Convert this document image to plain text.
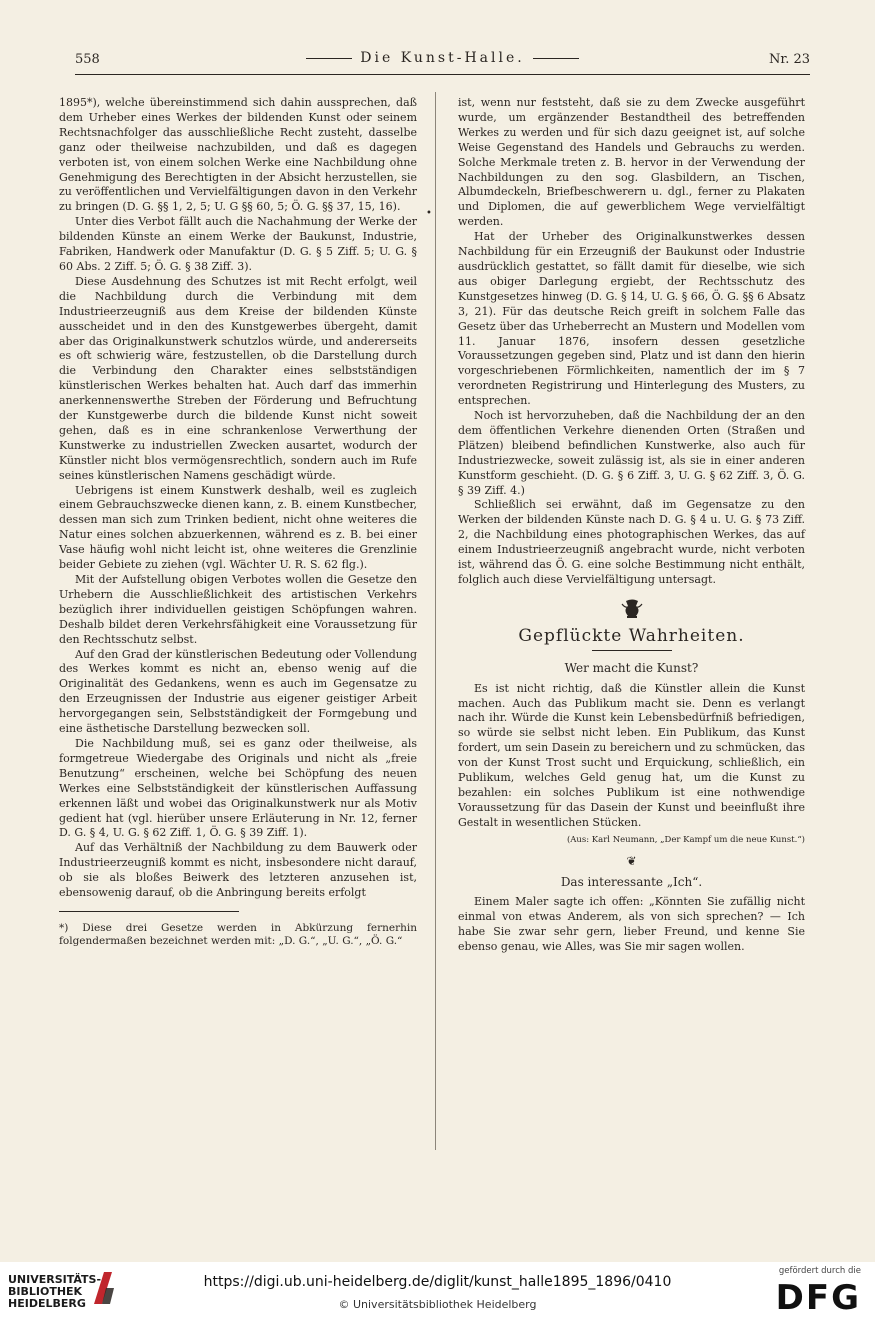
558	Die Kunst-Halle.	Nr. 23
•

1895*), welche übereinstimmend sich dahin aussprechen, daß dem Urheber eines Werkes der bildenden Kunst oder seinem Rechtsnachfolger das ausschließliche Recht zusteht, dasselbe ganz oder theilweise nachzubilden, und daß es dagegen verboten ist, von einem solchen Werke eine Nachbildung ohne Genehmigung des Berechtigten in der Absicht herzustellen, sie zu veröffentlichen und Vervielfältigungen davon in den Verkehr zu bringen (D. G. §§ 1, 2, 5; U. G §§ 60, 5; Ö. G. §§ 37, 15, 16).

Unter dies Verbot fällt auch die Nachahmung der Werke der bildenden Künste an einem Werke der Baukunst, Industrie, Fabriken, Handwerk oder Manufaktur (D. G. § 5 Ziff. 5; U. G. § 60 Abs. 2 Ziff. 5; Ö. G. § 38 Ziff. 3).

Diese Ausdehnung des Schutzes ist mit Recht erfolgt, weil die Nachbildung durch die Verbindung mit dem Industrieerzeugniß aus dem Kreise der bildenden Künste ausscheidet und in den des Kunstgewerbes übergeht, damit aber das Originalkunstwerk schutzlos würde, und andererseits es oft schwierig wäre, festzustellen, ob die Darstellung durch die Verbindung den Charakter eines selbstständigen künstlerischen Werkes behalten hat. Auch darf das immerhin anerkennenswerthe Streben der Förderung und Befruchtung der Kunstgewerbe durch die bildende Kunst nicht soweit gehen, daß es in eine schrankenlose Verwerthung der Kunstwerke zu industriellen Zwecken ausartet, wodurch der Künstler nicht blos vermögensrechtlich, sondern auch im Rufe seines künstlerischen Namens geschädigt würde.

Uebrigens ist einem Kunstwerk deshalb, weil es zugleich einem Gebrauchszwecke dienen kann, z. B. einem Kunstbecher, dessen man sich zum Trinken bedient, nicht ohne weiteres die Natur eines solchen abzuerkennen, während es z. B. bei einer Vase häufig wohl nicht leicht ist, ohne weiteres die Grenzlinie beider Gebiete zu ziehen (vgl. Wächter U. R. S. 62 flg.).

Mit der Aufstellung obigen Verbotes wollen die Gesetze den Urhebern die Ausschließlichkeit des artistischen Verkehrs bezüglich ihrer individuellen geistigen Schöpfungen wahren. Deshalb bildet deren Verkehrsfähigkeit eine Voraussetzung für den Rechtsschutz selbst.

Auf den Grad der künstlerischen Bedeutung oder Vollendung des Werkes kommt es nicht an, ebenso wenig auf die Originalität des Gedankens, wenn es auch im Gegensatze zu den Erzeugnissen der Industrie aus eigener geistiger Arbeit hervorgegangen sein, Selbstständigkeit der Formgebung und eine ästhetische Darstellung bezwecken soll.

Die Nachbildung muß, sei es ganz oder theilweise, als formgetreue Wiedergabe des Originals und nicht als „freie Benutzung“ erscheinen, welche bei Schöpfung des neuen Werkes eine Selbstständigkeit der künstlerischen Auffassung erkennen läßt und wobei das Originalkunstwerk nur als Motiv gedient hat (vgl. hierüber unsere Erläuterung in Nr. 12, ferner D. G. § 4, U. G. § 62 Ziff. 1, Ö. G. § 39 Ziff. 1).

Auf das Verhältniß der Nachbildung zu dem Bauwerk oder Industrieerzeugniß kommt es nicht, insbesondere nicht darauf, ob sie als bloßes Beiwerk des letzteren anzusehen ist, ebensowenig darauf, ob die Anbringung bereits erfolgt

*) Diese drei Gesetze werden in Abkürzung fernerhin folgendermaßen bezeichnet werden mit: „D. G.“, „U. G.“, „Ö. G.“

ist, wenn nur feststeht, daß sie zu dem Zwecke ausgeführt wurde, um ergänzender Bestandtheil des betreffenden Werkes zu werden und für sich dazu geeignet ist, auf solche Weise Gegenstand des Handels und Gebrauchs zu werden. Solche Merkmale treten z. B. hervor in der Verwendung der Nachbildungen zu den sog. Glasbildern, an Tischen, Albumdeckeln, Briefbeschwerern u. dgl., ferner zu Plakaten und Diplomen, die auf gewerblichem Wege vervielfältigt werden.

Hat der Urheber des Originalkunstwerkes dessen Nachbildung für ein Erzeugniß der Baukunst oder Industrie ausdrücklich gestattet, so fällt damit für dieselbe, wie sich aus obiger Darlegung ergiebt, der Rechtsschutz des Kunstgesetzes hinweg (D. G. § 14, U. G. § 66, Ö. G. §§ 6 Absatz 3, 21). Für das deutsche Reich greift in solchem Falle das Gesetz über das Urheberrecht an Mustern und Modellen vom 11. Januar 1876, insofern dessen gesetzliche Voraussetzungen gegeben sind, Platz und ist dann den hierin vorgeschriebenen Förmlichkeiten, namentlich der im § 7 verordneten Registrirung und Hinterlegung des Musters, zu entsprechen.

Noch ist hervorzuheben, daß die Nachbildung der an den dem öffentlichen Verkehre dienenden Orten (Straßen und Plätzen) bleibend befindlichen Kunstwerke, also auch für Industriezwecke, soweit zulässig ist, als sie in einer anderen Kunstform geschieht. (D. G. § 6 Ziff. 3, U. G. § 62 Ziff. 3, Ö. G. § 39 Ziff. 4.)

Schließlich sei erwähnt, daß im Gegensatze zu den Werken der bildenden Künste nach D. G. § 4 u. U. G. § 73 Ziff. 2, die Nachbildung eines photographischen Werkes, das auf einem Industrieerzeugniß angebracht wurde, nicht verboten ist, während das Ö. G. eine solche Bestimmung nicht enthält, folglich auch diese Vervielfältigung untersagt.

Gepflückte Wahrheiten.
Wer macht die Kunst?

Es ist nicht richtig, daß die Künstler allein die Kunst machen. Auch das Publikum macht sie. Denn es verlangt nach ihr. Würde die Kunst kein Lebensbedürfniß befriedigen, so würde sie selbst nicht leben. Ein Publikum, das Kunst fordert, um sein Dasein zu bereichern und zu schmücken, das von der Kunst Trost sucht und Erquickung, schließlich, ein Publikum, welches Geld genug hat, um die Kunst zu bezahlen: ein solches Publikum ist eine nothwendige Voraussetzung für das Dasein der Kunst und beeinflußt ihre Gestalt in wesentlichen Stücken.

(Aus: Karl Neumann, „Der Kampf um die neue Kunst.“)
❦
Das interessante „Ich“.

Einem Maler sagte ich offen: „Könnten Sie zufällig nicht einmal von etwas Anderem, als von sich sprechen? — Ich habe Sie zwar sehr gern, lieber Freund, und kenne Sie ebenso genau, wie Alles, was Sie mir sagen wollen.

UNIVERSITÄTS-
BIBLIOTHEK
HEIDELBERG
https://digi.ub.uni-heidelberg.de/diglit/kunst_halle1895_1896/0410
© Universitätsbibliothek Heidelberg
gefördert durch die
DFG
